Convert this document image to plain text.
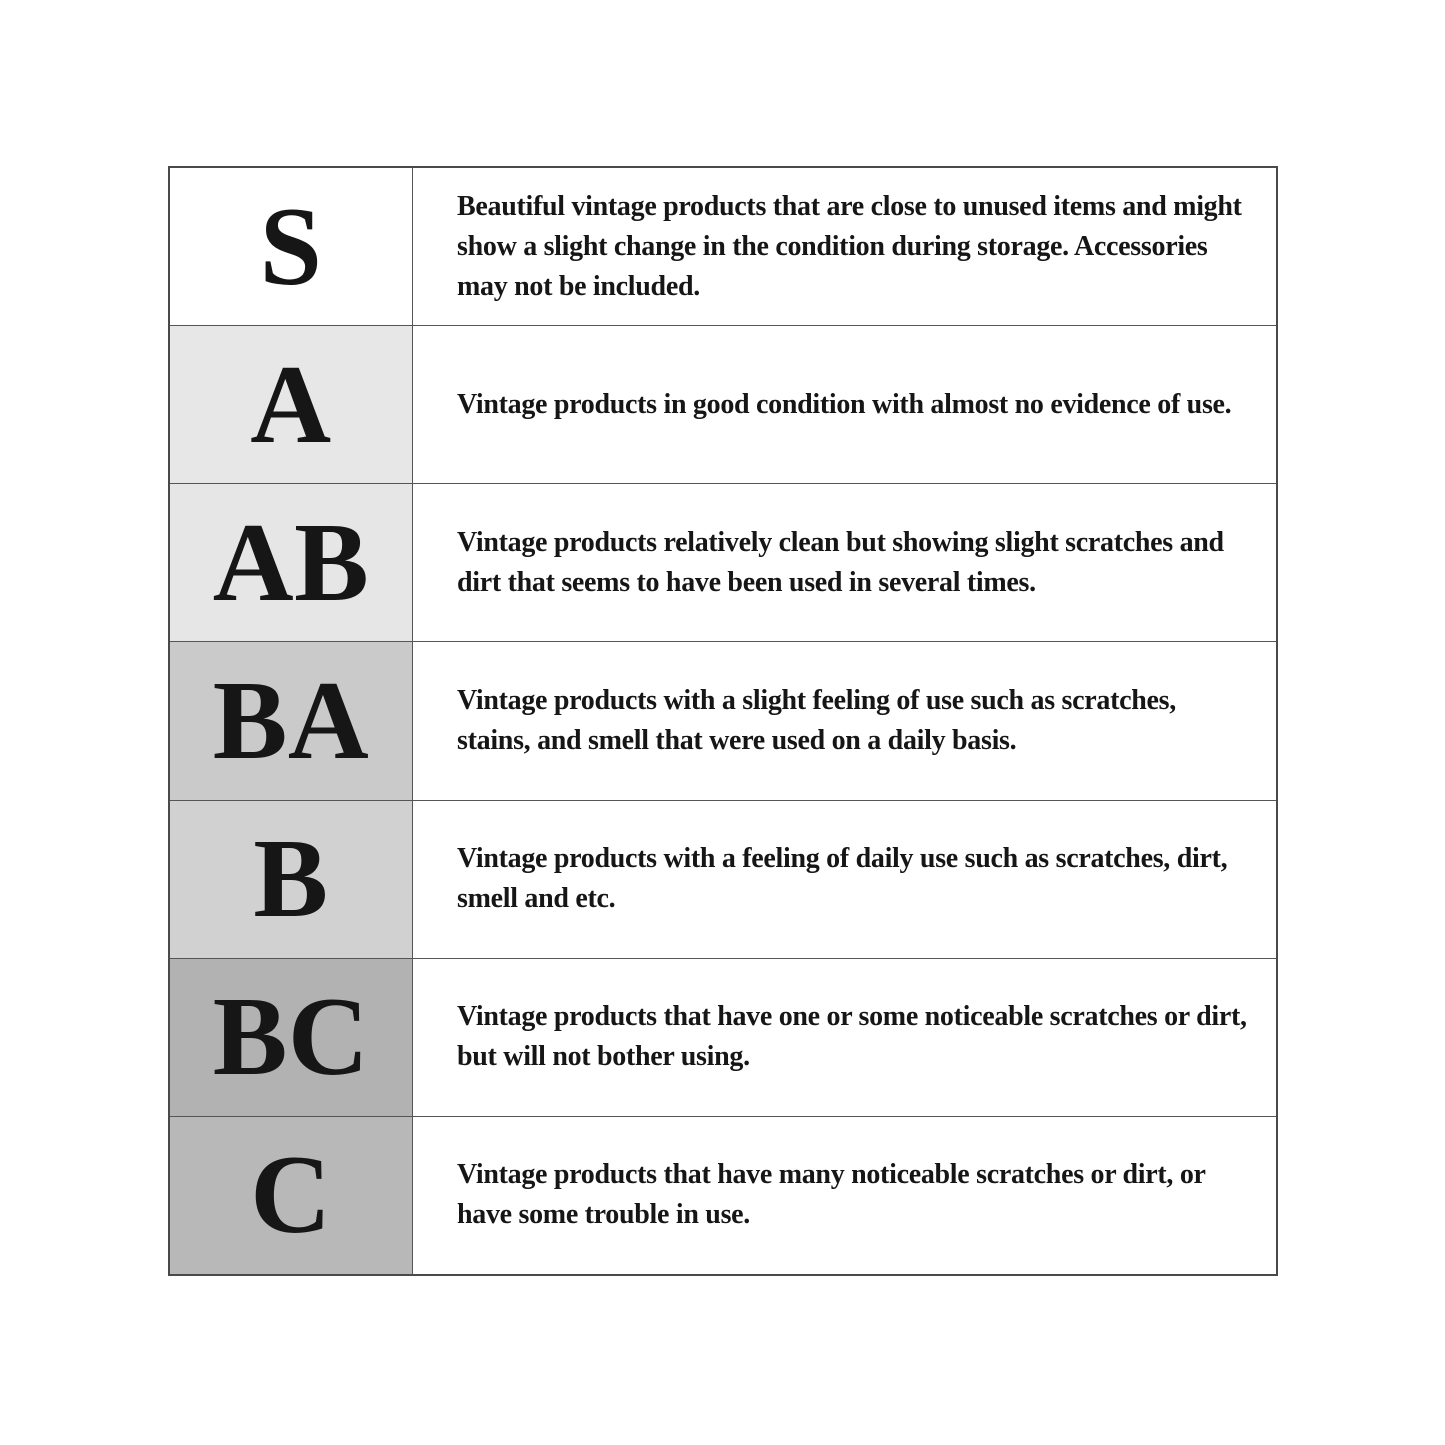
S	Beautiful vintage products that are close to unused items and might show a slight change in the condition during storage. Accessories may not be included.

A	Vintage products in good condition with almost no evidence of use.

AB	Vintage products relatively clean but showing slight scratches and dirt that seems to have been used in several times.

BA	Vintage products with a slight feeling of use such as scratches, stains, and smell that were used on a daily basis.

B	Vintage products with a feeling of daily use such as scratches, dirt, smell and etc.

BC	Vintage products that have one or some noticeable scratches or dirt, but will not bother using.

C	Vintage products that have many noticeable scratches or dirt, or have some trouble in use.
